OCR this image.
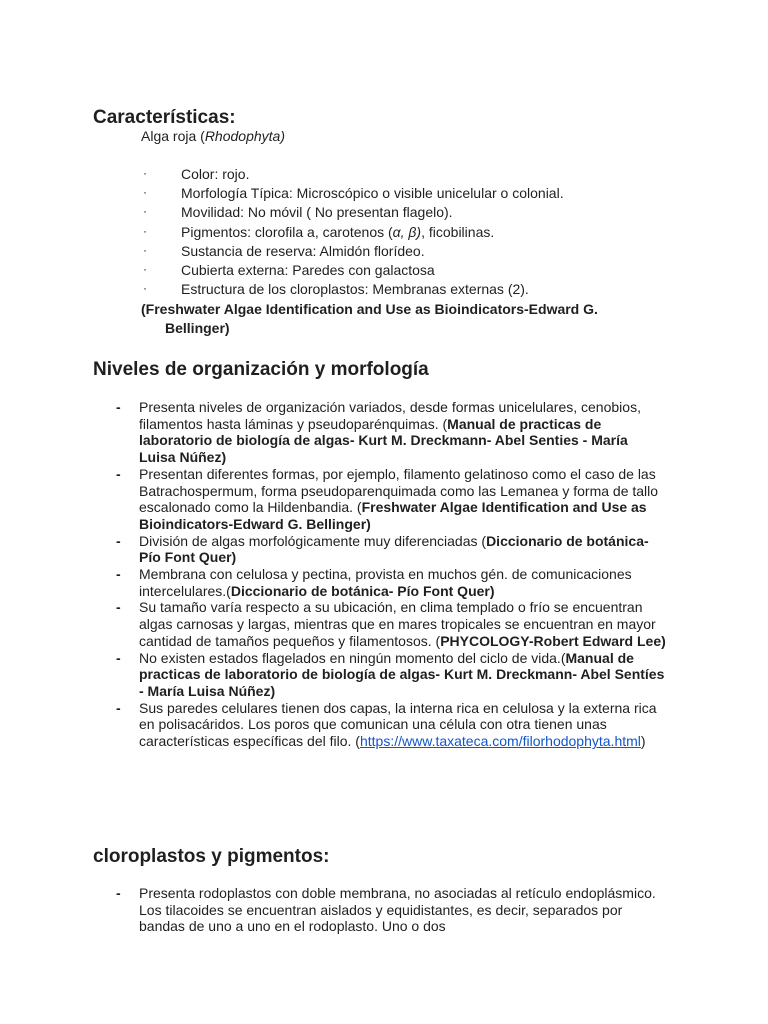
Características:
Alga roja (Rhodophyta)
· Color: rojo.
· Morfología Típica: Microscópico o visible unicelular o colonial.
· Movilidad: No móvil ( No presentan flagelo).
· Pigmentos: clorofila a, carotenos (α, β), ficobilinas.
· Sustancia de reserva: Almidón florídeo.
· Cubierta externa: Paredes con galactosa
· Estructura de los cloroplastos: Membranas externas (2).
(Freshwater Algae Identification and Use as Bioindicators-Edward G.
Bellinger)
Niveles de organización y morfología
- Presenta niveles de organización variados, desde formas unicelulares, cenobios, filamentos hasta láminas y pseudoparénquimas. (Manual de practicas de laboratorio de biología de algas- Kurt M. Dreckmann- Abel Senties - María Luisa Núñez)
- Presentan diferentes formas, por ejemplo, filamento gelatinoso como el caso de las Batrachospermum, forma pseudoparenquimada como las Lemanea y forma de tallo escalonado como la Hildenbandia. (Freshwater Algae Identification and Use as Bioindicators-Edward G. Bellinger)
- División de algas morfológicamente muy diferenciadas (Diccionario de botánica- Pío Font Quer)
- Membrana con celulosa y pectina, provista en muchos gén. de comunicaciones intercelulares.(Diccionario de botánica- Pío Font Quer)
- Su tamaño varía respecto a su ubicación, en clima templado o frío se encuentran algas carnosas y largas, mientras que en mares tropicales se encuentran en mayor cantidad de tamaños pequeños y filamentosos. (PHYCOLOGY-Robert Edward Lee)
- No existen estados flagelados en ningún momento del ciclo de vida.(Manual de practicas de laboratorio de biología de algas- Kurt M. Dreckmann- Abel Sentíes - María Luisa Núñez)
- Sus paredes celulares tienen dos capas, la interna rica en celulosa y la externa rica en polisacáridos. Los poros que comunican una célula con otra tienen unas características específicas del filo. (https://www.taxateca.com/filorhodophyta.html)
cloroplastos y pigmentos:
- Presenta rodoplastos con doble membrana, no asociadas al retículo endoplásmico. Los tilacoides se encuentran aislados y equidistantes, es decir, separados por bandas de uno a uno en el rodoplasto. Uno o dos
